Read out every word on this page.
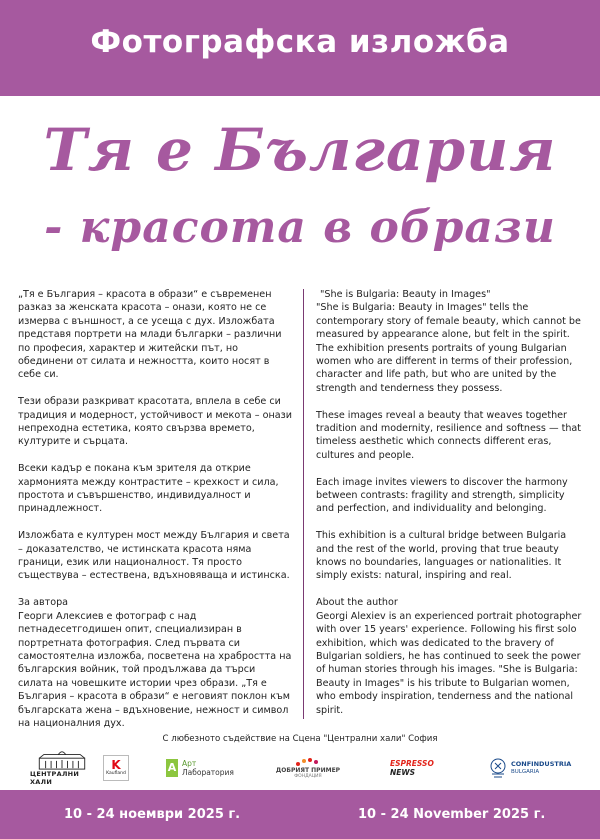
Фотографска изложба
Тя е България
- красота в образи

„Тя е България – красота в образи“ е съвременен разказ за женската красота – онази, която не се измерва с външност, а се усеща с дух. Изложбата представя портрети на млади българки – различни по професия, характер и житейски път, но обединени от силата и нежността, които носят в себе си.

Тези образи разкриват красотата, вплела в себе си традиция и модерност, устойчивост и мекота – онази непреходна естетика, която свързва времето, културите и сърцата.

Всеки кадър е покана към зрителя да открие хармонията между контрастите – крехкост и сила, простота и съвършенство, индивидуалност и принадлежност.

Изложбата е културен мост между България и света – доказателство, че истинската красота няма граници, език или националност. Тя просто съществува – естествена, вдъхновяваща и истинска.

За автора

Георги Алексиев е фотограф с над петнадесетгодишен опит, специализиран в портретната фотография. След първата си самостоятелна изложба, посветена на храбростта на българския войник, той продължава да търси силата на човешките истории чрез образи. „Тя е България – красота в образи“ е неговият поклон към българската жена – вдъхновение, нежност и символ на националния дух.

"She is Bulgaria: Beauty in Images"

"She is Bulgaria: Beauty in Images" tells the contemporary story of female beauty, which cannot be measured by appearance alone, but felt in the spirit. The exhibition presents portraits of young Bulgarian women who are different in terms of their profession, character and life path, but who are united by the strength and tenderness they possess.

These images reveal a beauty that weaves together tradition and modernity, resilience and softness — that timeless aesthetic which connects different eras, cultures and people.

Each image invites viewers to discover the harmony between contrasts: fragility and strength, simplicity and perfection, and individuality and belonging.

This exhibition is a cultural bridge between Bulgaria and the rest of the world, proving that true beauty knows no boundaries, languages or nationalities. It simply exists: natural, inspiring and real.

About the author

Georgi Alexiev is an experienced portrait photographer with over 15 years' experience. Following his first solo exhibition, which was dedicated to the bravery of Bulgarian soldiers, he has continued to seek the power of human stories through his images. "She is Bulgaria: Beauty in Images" is his tribute to Bulgarian women, who embody inspiration, tenderness and the national spirit.

С любезното съдействие на Сцена "Централни хали" София
ЦЕНТРАЛНИ ХАЛИ
K
Kaufland	A Арт
Лаборатория	ДОБРИЯТ ПРИМЕР
ФОНДАЦИЯ
ESPRESSO
NEWS
CONFINDUSTRIA
BULGARIA
10 - 24 ноември 2025 г.	10 - 24 November 2025 г.
